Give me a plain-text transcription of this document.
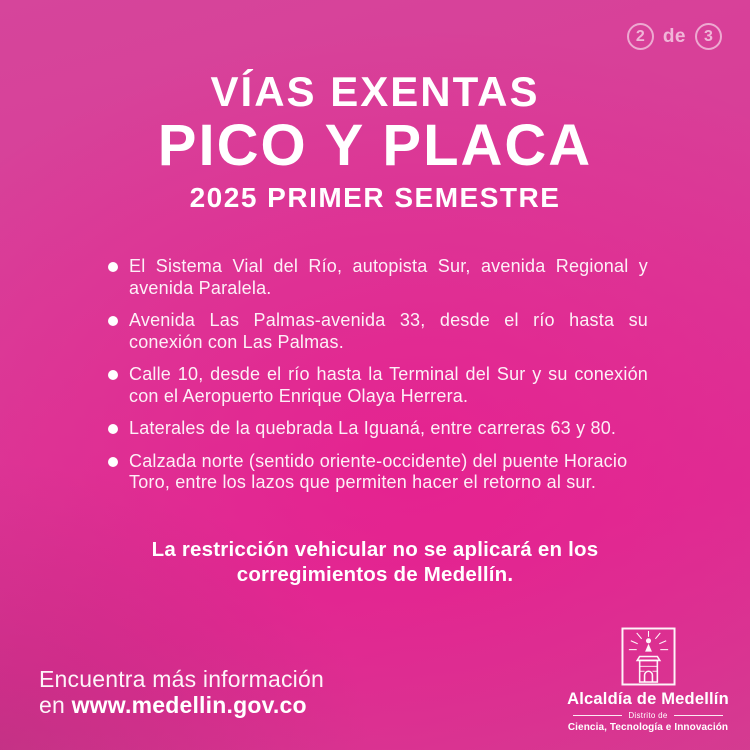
2 de 3
VÍAS EXENTAS
PICO Y PLACA
2025 PRIMER SEMESTRE
El Sistema Vial del Río, autopista Sur, avenida Regional y avenida Paralela.
Avenida Las Palmas-avenida 33, desde el río hasta su conexión con Las Palmas.
Calle 10, desde el río hasta la Terminal del Sur y su conexión con el Aeropuerto Enrique Olaya Herrera.
Laterales de la quebrada La Iguaná, entre carreras 63 y 80.
Calzada norte (sentido oriente-occidente) del puente Horacio Toro, entre los lazos que permiten hacer el retorno al sur.
La restricción vehicular no se aplicará en los corregimientos de Medellín.
Encuentra más información
en www.medellin.gov.co	Alcaldía de Medellín
Distrito de
Ciencia, Tecnología e Innovación
